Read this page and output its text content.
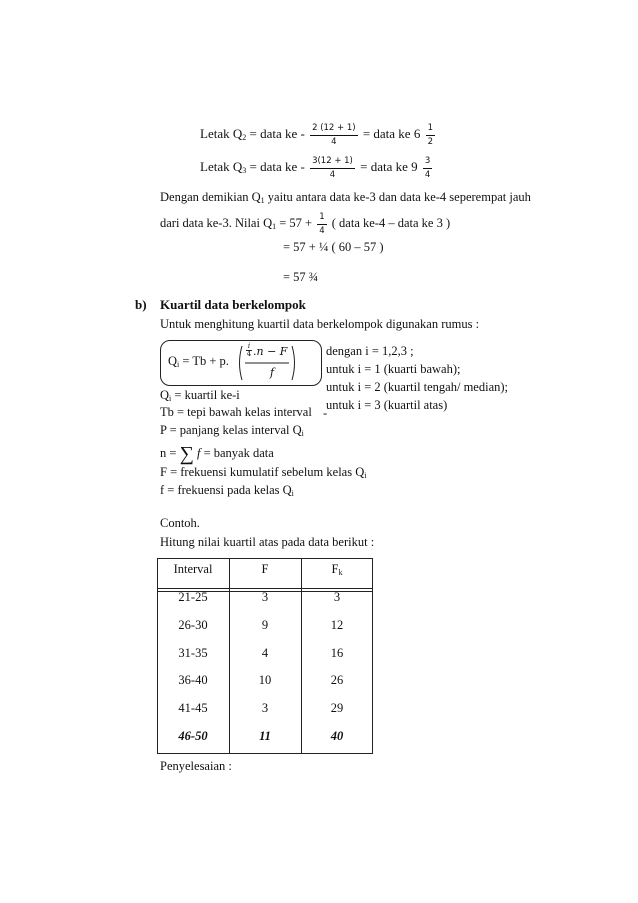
Letak $Q_2$ = data ke - $\frac{2 (12 + 1)}{4}$ = data ke $6 \frac{1}{2}$
Letak $Q_3$ = data ke - $\frac{3(12 + 1)}{4}$ = data ke $9 \frac{3}{4}$
Dengan demikian $Q_1$ yaitu antara data ke-3 dan data ke-4 seperempat jauh
dari data ke-3. Nilai $Q_1 = 57 + \frac{1}{4}$ ( data ke-4 – data ke 3 )
= 57 + ¼ ( 60 – 57 )
= 57 ¾
b) Kuartil data berkelompok
Untuk menghitung kuartil data berkelompok digunakan rumus :
$Q_i = Tb + p$.
i
4 .n − F
f
dengan i = 1,2,3 ;
untuk i = 1 (kuarti bawah);
untuk i = 2 (kuartil tengah/ median);
untuk i = 3 (kuartil atas)
-
$Q_i$ = kuartil ke-i
Tb = tepi bawah kelas interval
P = panjang kelas interval $Q_i$
n = ∑ f = banyak data
F = frekuensi kumulatif sebelum kelas $Q_i$
f = frekuensi pada kelas $Q_i$
Contoh.
Hitung nilai kuartil atas pada data berikut :
Interval	F	$F_k$
21-25	3	3
26-30	9	12
31-35	4	16
36-40	10	26
41-45	3	29
46-50	11	40
Penyelesaian :
